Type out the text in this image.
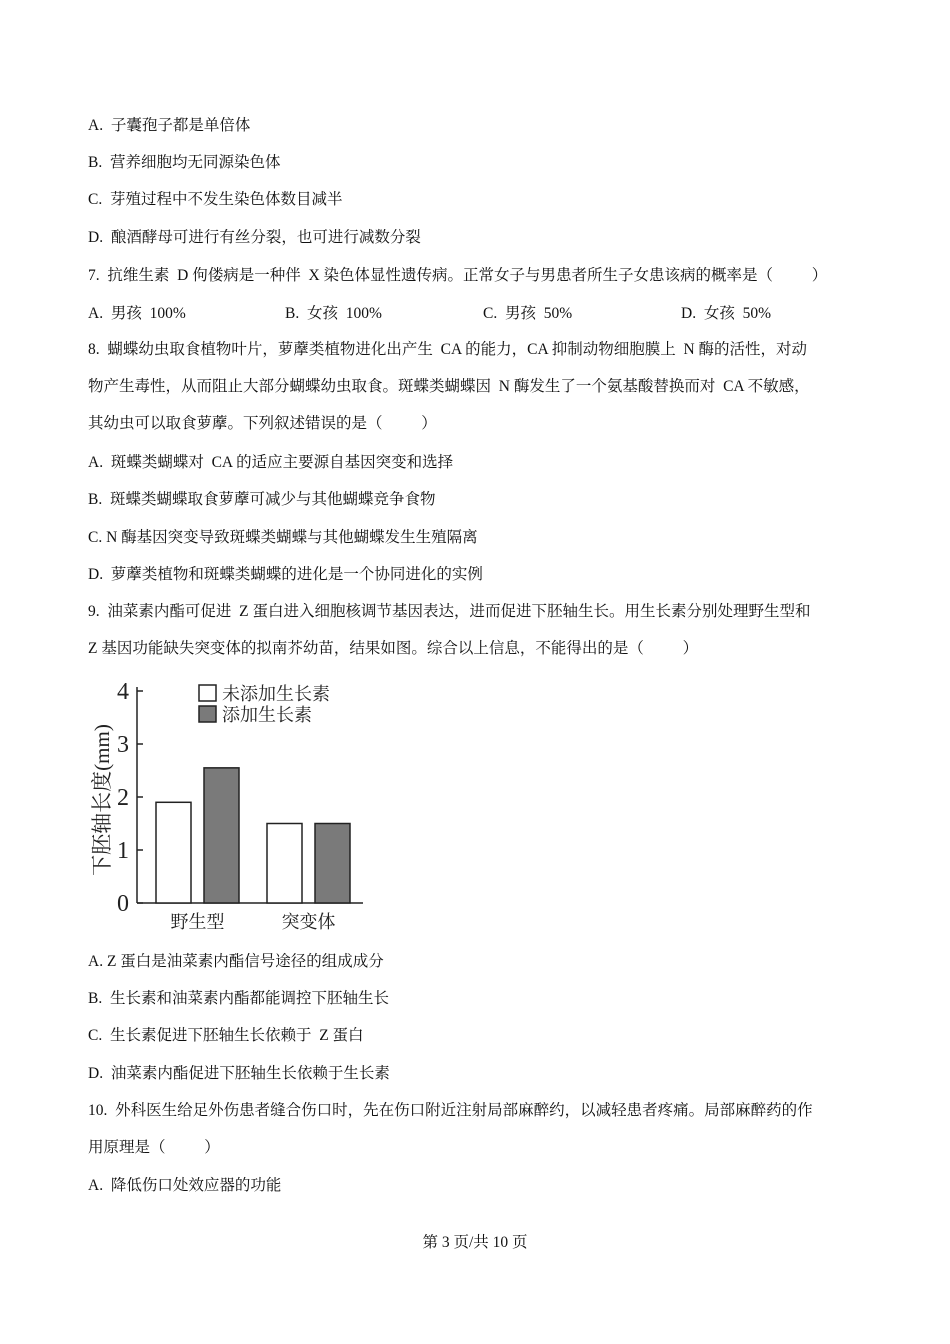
A.  子囊孢子都是单倍体
B.  营养细胞均无同源染色体
C.  芽殖过程中不发生染色体数目减半
D.  酿酒酵母可进行有丝分裂，也可进行减数分裂
7.  抗维生素  D 佝偻病是一种伴  X 染色体显性遗传病。正常女子与男患者所生子女患该病的概率是（          ）
A.  男孩  100%	B.  女孩  100%	C.  男孩  50%	D.  女孩  50%
8.  蝴蝶幼虫取食植物叶片，萝藦类植物进化出产生  CA 的能力，CA 抑制动物细胞膜上  N 酶的活性，对动
物产生毒性，从而阻止大部分蝴蝶幼虫取食。斑蝶类蝴蝶因  N 酶发生了一个氨基酸替换而对  CA 不敏感，
其幼虫可以取食萝藦。下列叙述错误的是（          ）
A.  斑蝶类蝴蝶对  CA 的适应主要源自基因突变和选择
B.  斑蝶类蝴蝶取食萝藦可减少与其他蝴蝶竞争食物
C. N 酶基因突变导致斑蝶类蝴蝶与其他蝴蝶发生生殖隔离
D.  萝藦类植物和斑蝶类蝴蝶的进化是一个协同进化的实例
9.  油菜素内酯可促进  Z 蛋白进入细胞核调节基因表达，进而促进下胚轴生长。用生长素分别处理野生型和
Z 基因功能缺失突变体的拟南芥幼苗，结果如图。综合以上信息，不能得出的是（          ）
A. Z 蛋白是油菜素内酯信号途径的组成成分
B.  生长素和油菜素内酯都能调控下胚轴生长
C.  生长素促进下胚轴生长依赖于  Z 蛋白
D.  油菜素内酯促进下胚轴生长依赖于生长素
10.  外科医生给足外伤患者缝合伤口时，先在伤口附近注射局部麻醉约，以减轻患者疼痛。局部麻醉药的作
用原理是（          ）
A.  降低伤口处效应器的功能
0
1
2
3
4
下胚轴长度(mm)
野生型	突变体
未添加生长素
添加生长素
第 3 页/共 10 页
